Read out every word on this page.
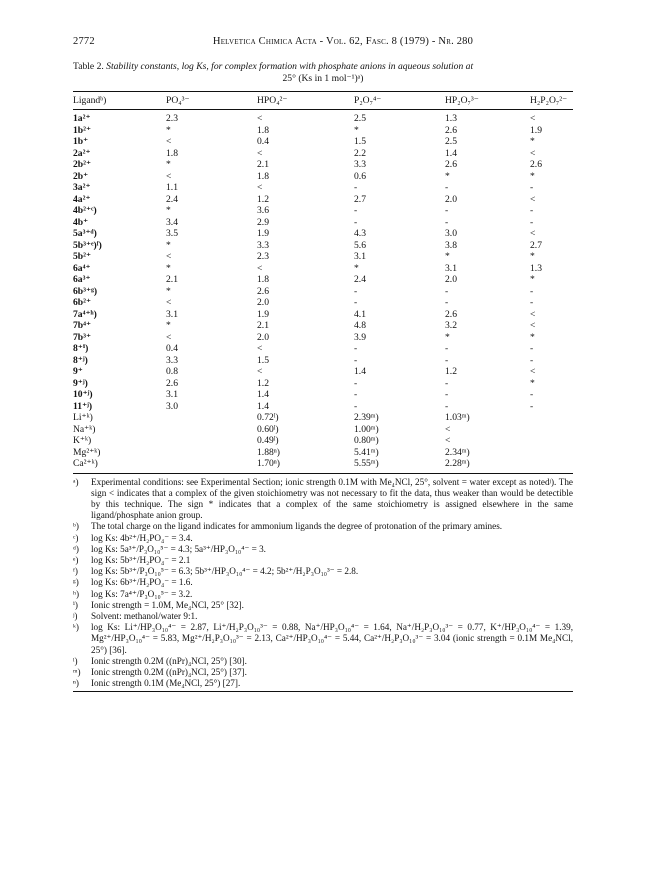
2772	Helvetica Chimica Acta - Vol. 62, Fasc. 8 (1979) - Nr. 280
Table 2. Stability constants, log Ks, for complex formation with phosphate anions in aqueous solution at
25° (Ks in 1 mol⁻¹)ᵃ)
Ligandᵇ)	PO₄³⁻	HPO₄²⁻	P₂O₇⁴⁻	HP₂O₇³⁻	H₂P₂O₇²⁻
1a²⁺	2.3	<	2.5	1.3	<
1b²⁺	*	1.8	*	2.6	1.9
1b⁺	<	0.4	1.5	2.5	*
2a²⁺	1.8	<	2.2	1.4	<
2b²⁺	*	2.1	3.3	2.6	2.6
2b⁺	<	1.8	0.6	*	*
3a²⁺	1.1	<	-	-	-
4a²⁺	2.4	1.2	2.7	2.0	<
4b²⁺ᶜ)	*	3.6	-	-	-
4b⁺	3.4	2.9	-	-	-
5a³⁺ᵈ)	3.5	1.9	4.3	3.0	<
5b³⁺ᵉ)ᶠ)	*	3.3	5.6	3.8	2.7
5b²⁺	<	2.3	3.1	*	*
6a⁴⁺	*	<	*	3.1	1.3
6a³⁺	2.1	1.8	2.4	2.0	*
6b³⁺ᵍ)	*	2.6	-	-	-
6b²⁺	<	2.0	-	-	-
7a⁴⁺ʰ)	3.1	1.9	4.1	2.6	<
7b⁴⁺	*	2.1	4.8	3.2	<
7b³⁺	<	2.0	3.9	*	*
8⁺ⁱ)	0.4	<	-	-	-
8⁺ʲ)	3.3	1.5	-	-	-
9⁺	0.8	<	1.4	1.2	<
9⁺ʲ)	2.6	1.2	-	-	*
10⁺ʲ)	3.1	1.4	-	-	-
11⁺ʲ)	3.0	1.4	-	-	-
Li⁺ᵏ)		0.72ˡ)	2.39ᵐ)	1.03ᵐ)	
Na⁺ᵏ)		0.60ˡ)	1.00ᵐ)	<	
K⁺ᵏ)		0.49ˡ)	0.80ᵐ)	<	
Mg²⁺ᵏ)		1.88ⁿ)	5.41ᵐ)	2.34ᵐ)	
Ca²⁺ᵏ)		1.70ⁿ)	5.55ᵐ)	2.28ᵐ)	
ᵃ)	Experimental conditions: see Experimental Section; ionic strength 0.1M with Me₄NCl, 25°, solvent = water except as notedʲ). The sign < indicates that a complex of the given stoichiometry was not necessary to fit the data, thus weaker than would be detectible by this technique. The sign * indicates that a complex of the same stoichiometry is assigned elsewhere in the same ligand/phosphate anion group.
ᵇ)	The total charge on the ligand indicates for ammonium ligands the degree of protonation of the primary amines.
ᶜ)	log Ks: 4b²⁺/H₂PO₄⁻ = 3.4.
ᵈ)	log Ks: 5a³⁺/P₃O₁₀⁵⁻ = 4.3; 5a³⁺/HP₃O₁₀⁴⁻ = 3.
ᵉ)	log Ks: 5b³⁺/H₂PO₄⁻ = 2.1
ᶠ)	log Ks: 5b³⁺/P₃O₁₀⁵⁻ = 6.3; 5b³⁺/HP₃O₁₀⁴⁻ = 4.2; 5b²⁺/H₂P₃O₁₀³⁻ = 2.8.
ᵍ)	log Ks: 6b³⁺/H₂PO₄⁻ = 1.6.
ʰ)	log Ks: 7a⁴⁺/P₃O₁₀⁵⁻ = 3.2.
ⁱ)	Ionic strength = 1.0M, Me₄NCl, 25° [32].
ʲ)	Solvent: methanol/water 9:1.
ᵏ)	log Ks: Li⁺/HP₃O₁₀⁴⁻ = 2.87, Li⁺/H₂P₃O₁₀³⁻ = 0.88, Na⁺/HP₃O₁₀⁴⁻ = 1.64, Na⁺/H₂P₃O₁₀³⁻ = 0.77, K⁺/HP₃O₁₀⁴⁻ = 1.39, Mg²⁺/HP₃O₁₀⁴⁻ = 5.83, Mg²⁺/H₂P₃O₁₀³⁻ = 2.13, Ca²⁺/HP₃O₁₀⁴⁻ = 5.44, Ca²⁺/H₂P₃O₁₀³⁻ = 3.04 (ionic strength = 0.1M Me₄NCl, 25°) [36].
ˡ)	Ionic strength 0.2M ((nPr)₄NCl, 25°) [30].
ᵐ)	Ionic strength 0.2M ((nPr)₄NCl, 25°) [37].
ⁿ)	Ionic strength 0.1M (Me₄NCl, 25°) [27].
